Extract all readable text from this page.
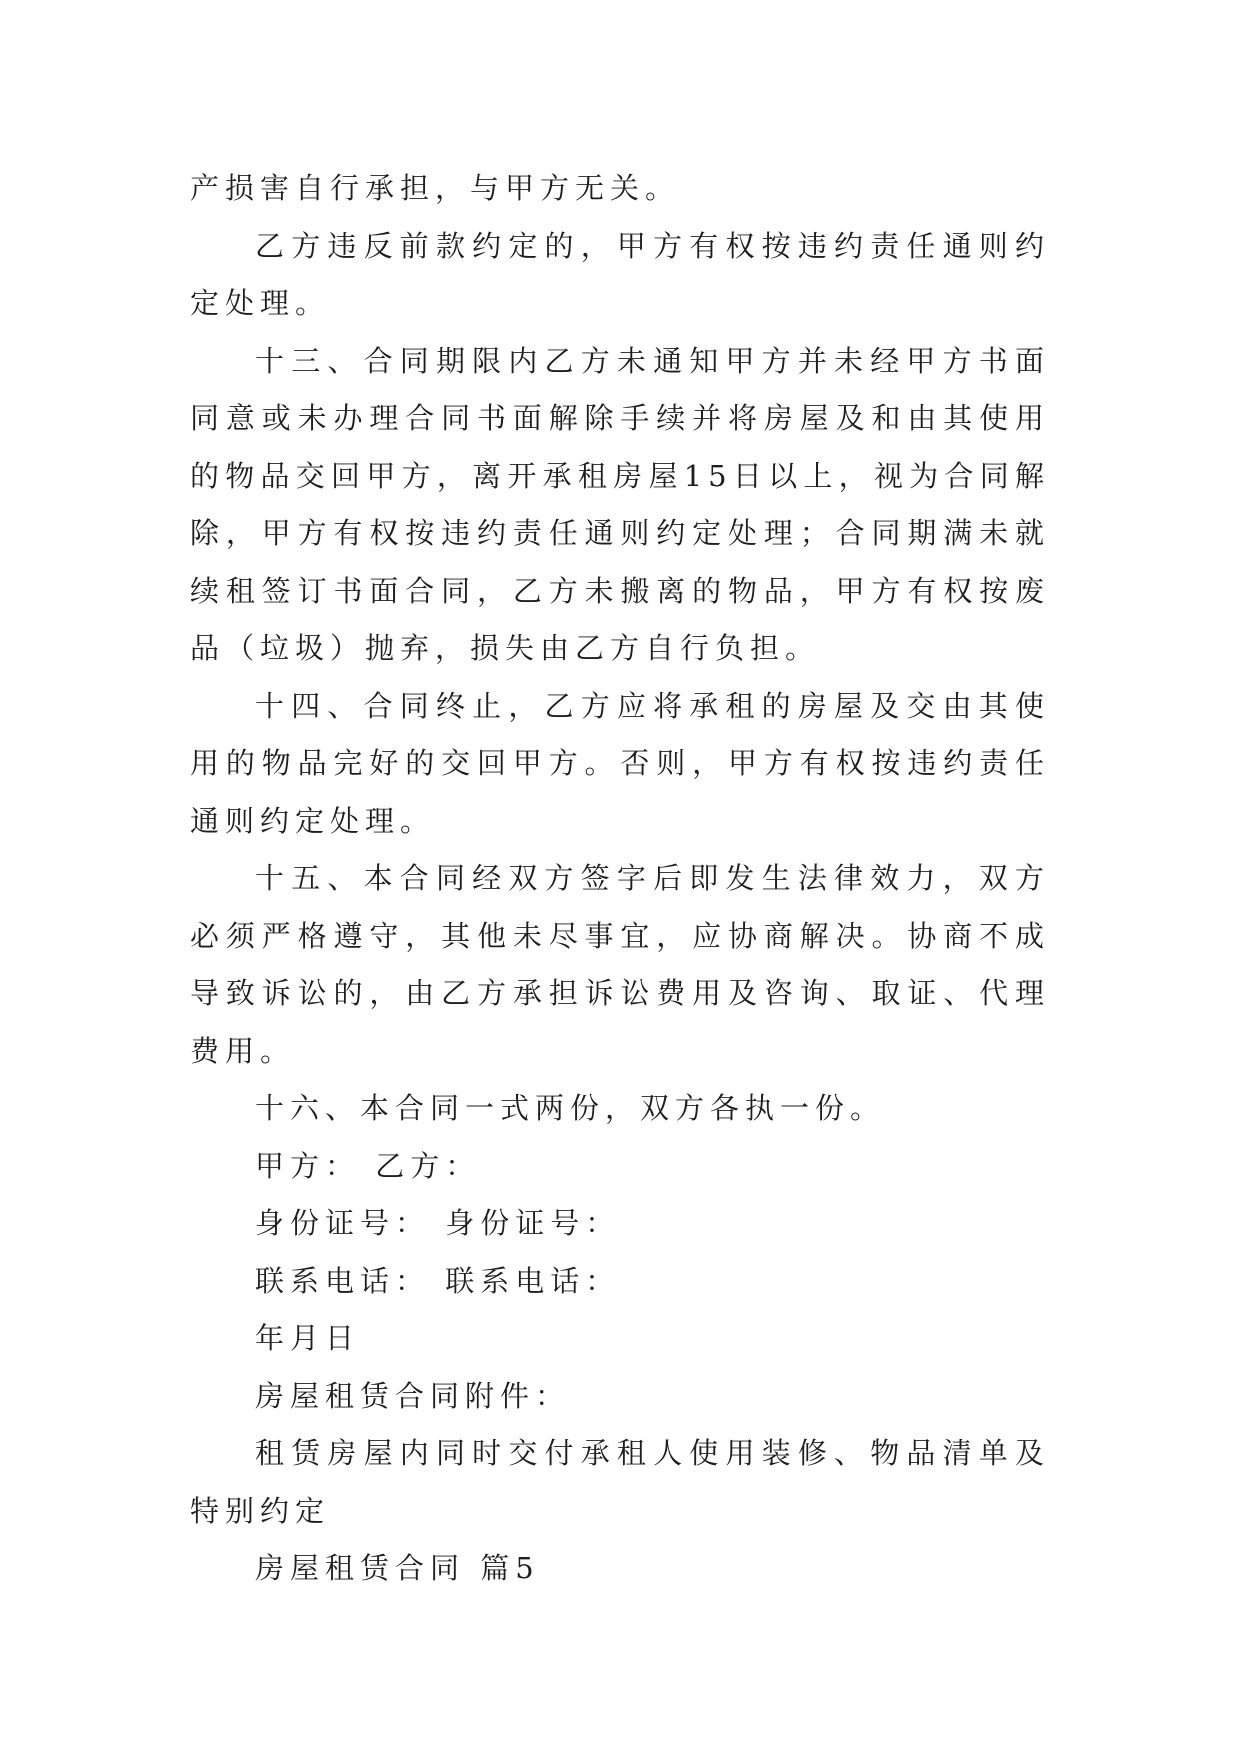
产损害自行承担，与甲方无关。

乙方违反前款约定的，甲方有权按违约责任通则约定处理。

十三、合同期限内乙方未通知甲方并未经甲方书面同意或未办理合同书面解除手续并将房屋及和由其使用的物品交回甲方，离开承租房屋15日以上，视为合同解除，甲方有权按违约责任通则约定处理；合同期满未就续租签订书面合同，乙方未搬离的物品，甲方有权按废品（垃圾）抛弃，损失由乙方自行负担。

十四、合同终止，乙方应将承租的房屋及交由其使用的物品完好的交回甲方。否则，甲方有权按违约责任通则约定处理。

十五、本合同经双方签字后即发生法律效力，双方必须严格遵守，其他未尽事宜，应协商解决。协商不成导致诉讼的，由乙方承担诉讼费用及咨询、取证、代理费用。

十六、本合同一式两份，双方各执一份。

甲方： 乙方：

身份证号： 身份证号：

联系电话： 联系电话：

年月日

房屋租赁合同附件：

租赁房屋内同时交付承租人使用装修、物品清单及特别约定

房屋租赁合同 篇5
